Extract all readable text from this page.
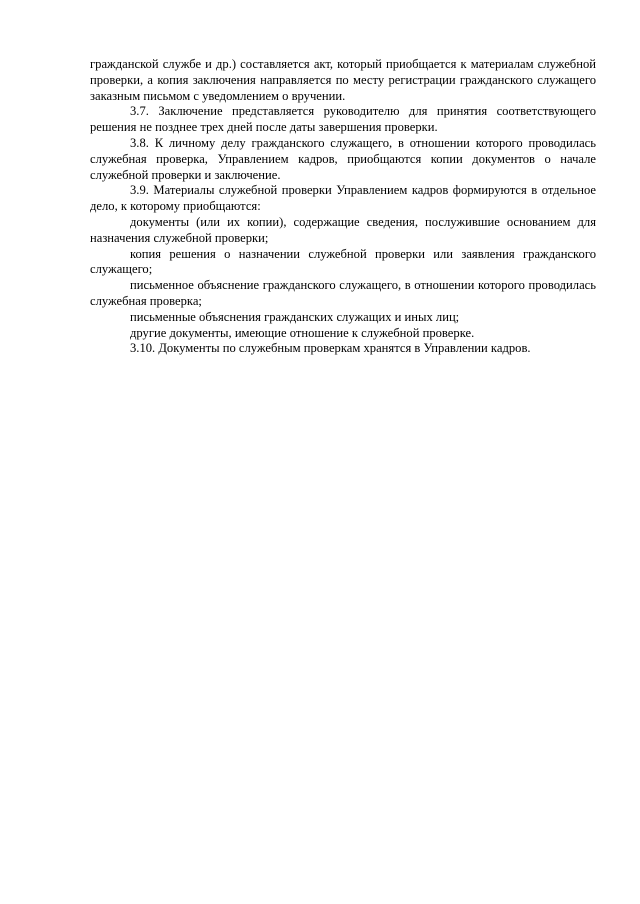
гражданской службе и др.) составляется акт, который приобщается к материалам служебной проверки, а копия заключения направляется по месту регистрации гражданского служащего заказным письмом с уведомлением о вручении.

3.7. Заключение представляется руководителю для принятия соответствующего решения не позднее трех дней после даты завершения проверки.

3.8. К личному делу гражданского служащего, в отношении которого проводилась служебная проверка, Управлением кадров, приобщаются копии документов о начале служебной проверки и заключение.

3.9. Материалы служебной проверки Управлением кадров формируются в отдельное дело, к которому приобщаются:

документы (или их копии), содержащие сведения, послужившие основанием для назначения служебной проверки;

копия решения о назначении служебной проверки или заявления гражданского служащего;

письменное объяснение гражданского служащего, в отношении которого проводилась служебная проверка;

письменные объяснения гражданских служащих и иных лиц;

другие документы, имеющие отношение к служебной проверке.

3.10. Документы по служебным проверкам хранятся в Управлении кадров.
